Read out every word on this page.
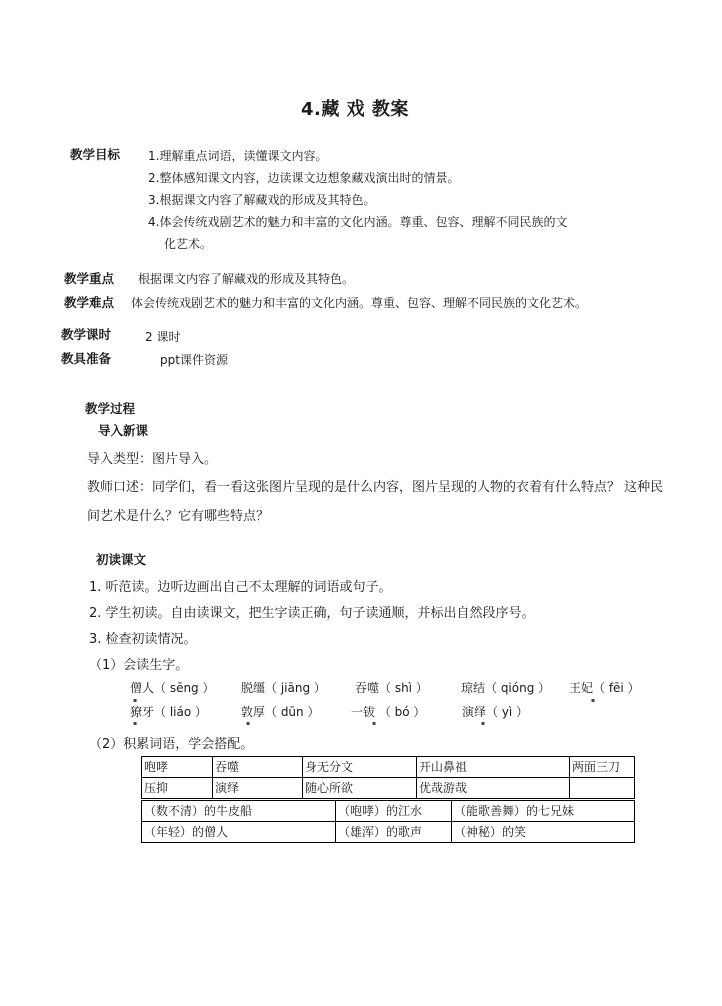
4.藏 戏 教案
教学目标 1.理解重点词语，读懂课文内容。
2.整体感知课文内容，边读课文边想象藏戏演出时的情景。
3.根据课文内容了解藏戏的形成及其特色。
4.体会传统戏剧艺术的魅力和丰富的文化内涵。尊重、包容、理解不同民族的文
化艺术。
教学重点 根据课文内容了解藏戏的形成及其特色。
教学难点 体会传统戏剧艺术的魅力和丰富的文化内涵。尊重、包容、理解不同民族的文化艺术。
教学课时	2 课时
教具准备	ppt课件资源
教学过程
导入新课
导入类型：图片导入。
教师口述：同学们，看一看这张图片呈现的是什么内容，图片呈现的人物的衣着有什么特点？ 这种民
间艺术是什么？它有哪些特点？
初读课文
1. 听范读。边听边画出自己不太理解的词语或句子。
2. 学生初读。自由读课文，把生字读正确，句子读通顺，并标出自然段序号。
3. 检查初读情况。
（1）会读生字。
僧人（ sēng ） 脱缰（ jiāng ） 吞噬（ shì ）	琼结（ qióng ） 王妃（ fēi ）
獠牙（ liáo ）	敦厚（ dūn ）	一钹 （ bó ）	演绎（ yì ）
▪	▪
▪	▪	▪	▪
（2）积累词语，学会搭配。
咆哮	吞噬	身无分文	开山鼻祖	两面三刀
压抑	演绎	随心所欲	优哉游哉	
（数不清）的牛皮船	（咆哮）的江水	（能歌善舞）的七兄妹
（年轻）的僧人	（雄浑）的歌声	（神秘）的笑
